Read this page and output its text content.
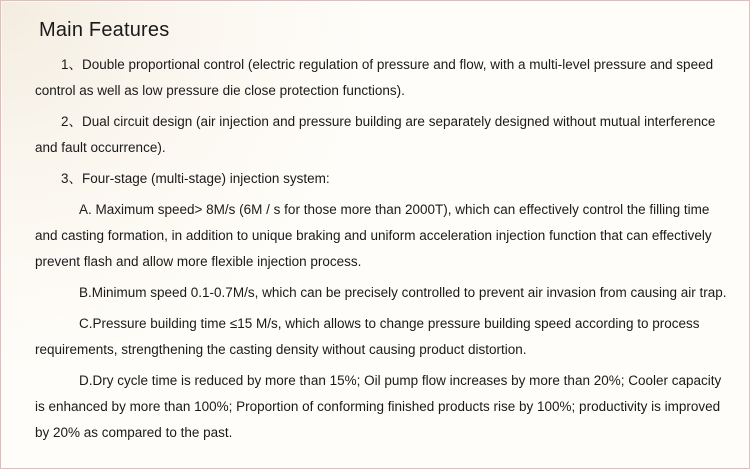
Main Features

1、Double proportional control (electric regulation of pressure and flow, with a multi-level pressure and speed control as well as low pressure die close protection functions).

2、Dual circuit design (air injection and pressure building are separately designed without mutual interference and fault occurrence).

3、Four-stage (multi-stage) injection system:

A. Maximum speed> 8M/s (6M / s for those more than 2000T), which can effectively control the filling time and casting formation, in addition to unique braking and uniform acceleration injection function that can effectively prevent flash and allow more flexible injection process.

B.Minimum speed 0.1-0.7M/s, which can be precisely controlled to prevent air invasion from causing air trap.

C.Pressure building time ≤15 M/s, which allows to change pressure building speed according to process requirements, strengthening the casting density without causing product distortion.

D.Dry cycle time is reduced by more than 15%; Oil pump flow increases by more than 20%; Cooler capacity is enhanced by more than 100%; Proportion of conforming finished products rise by 100%; productivity is improved by 20% as compared to the past.
